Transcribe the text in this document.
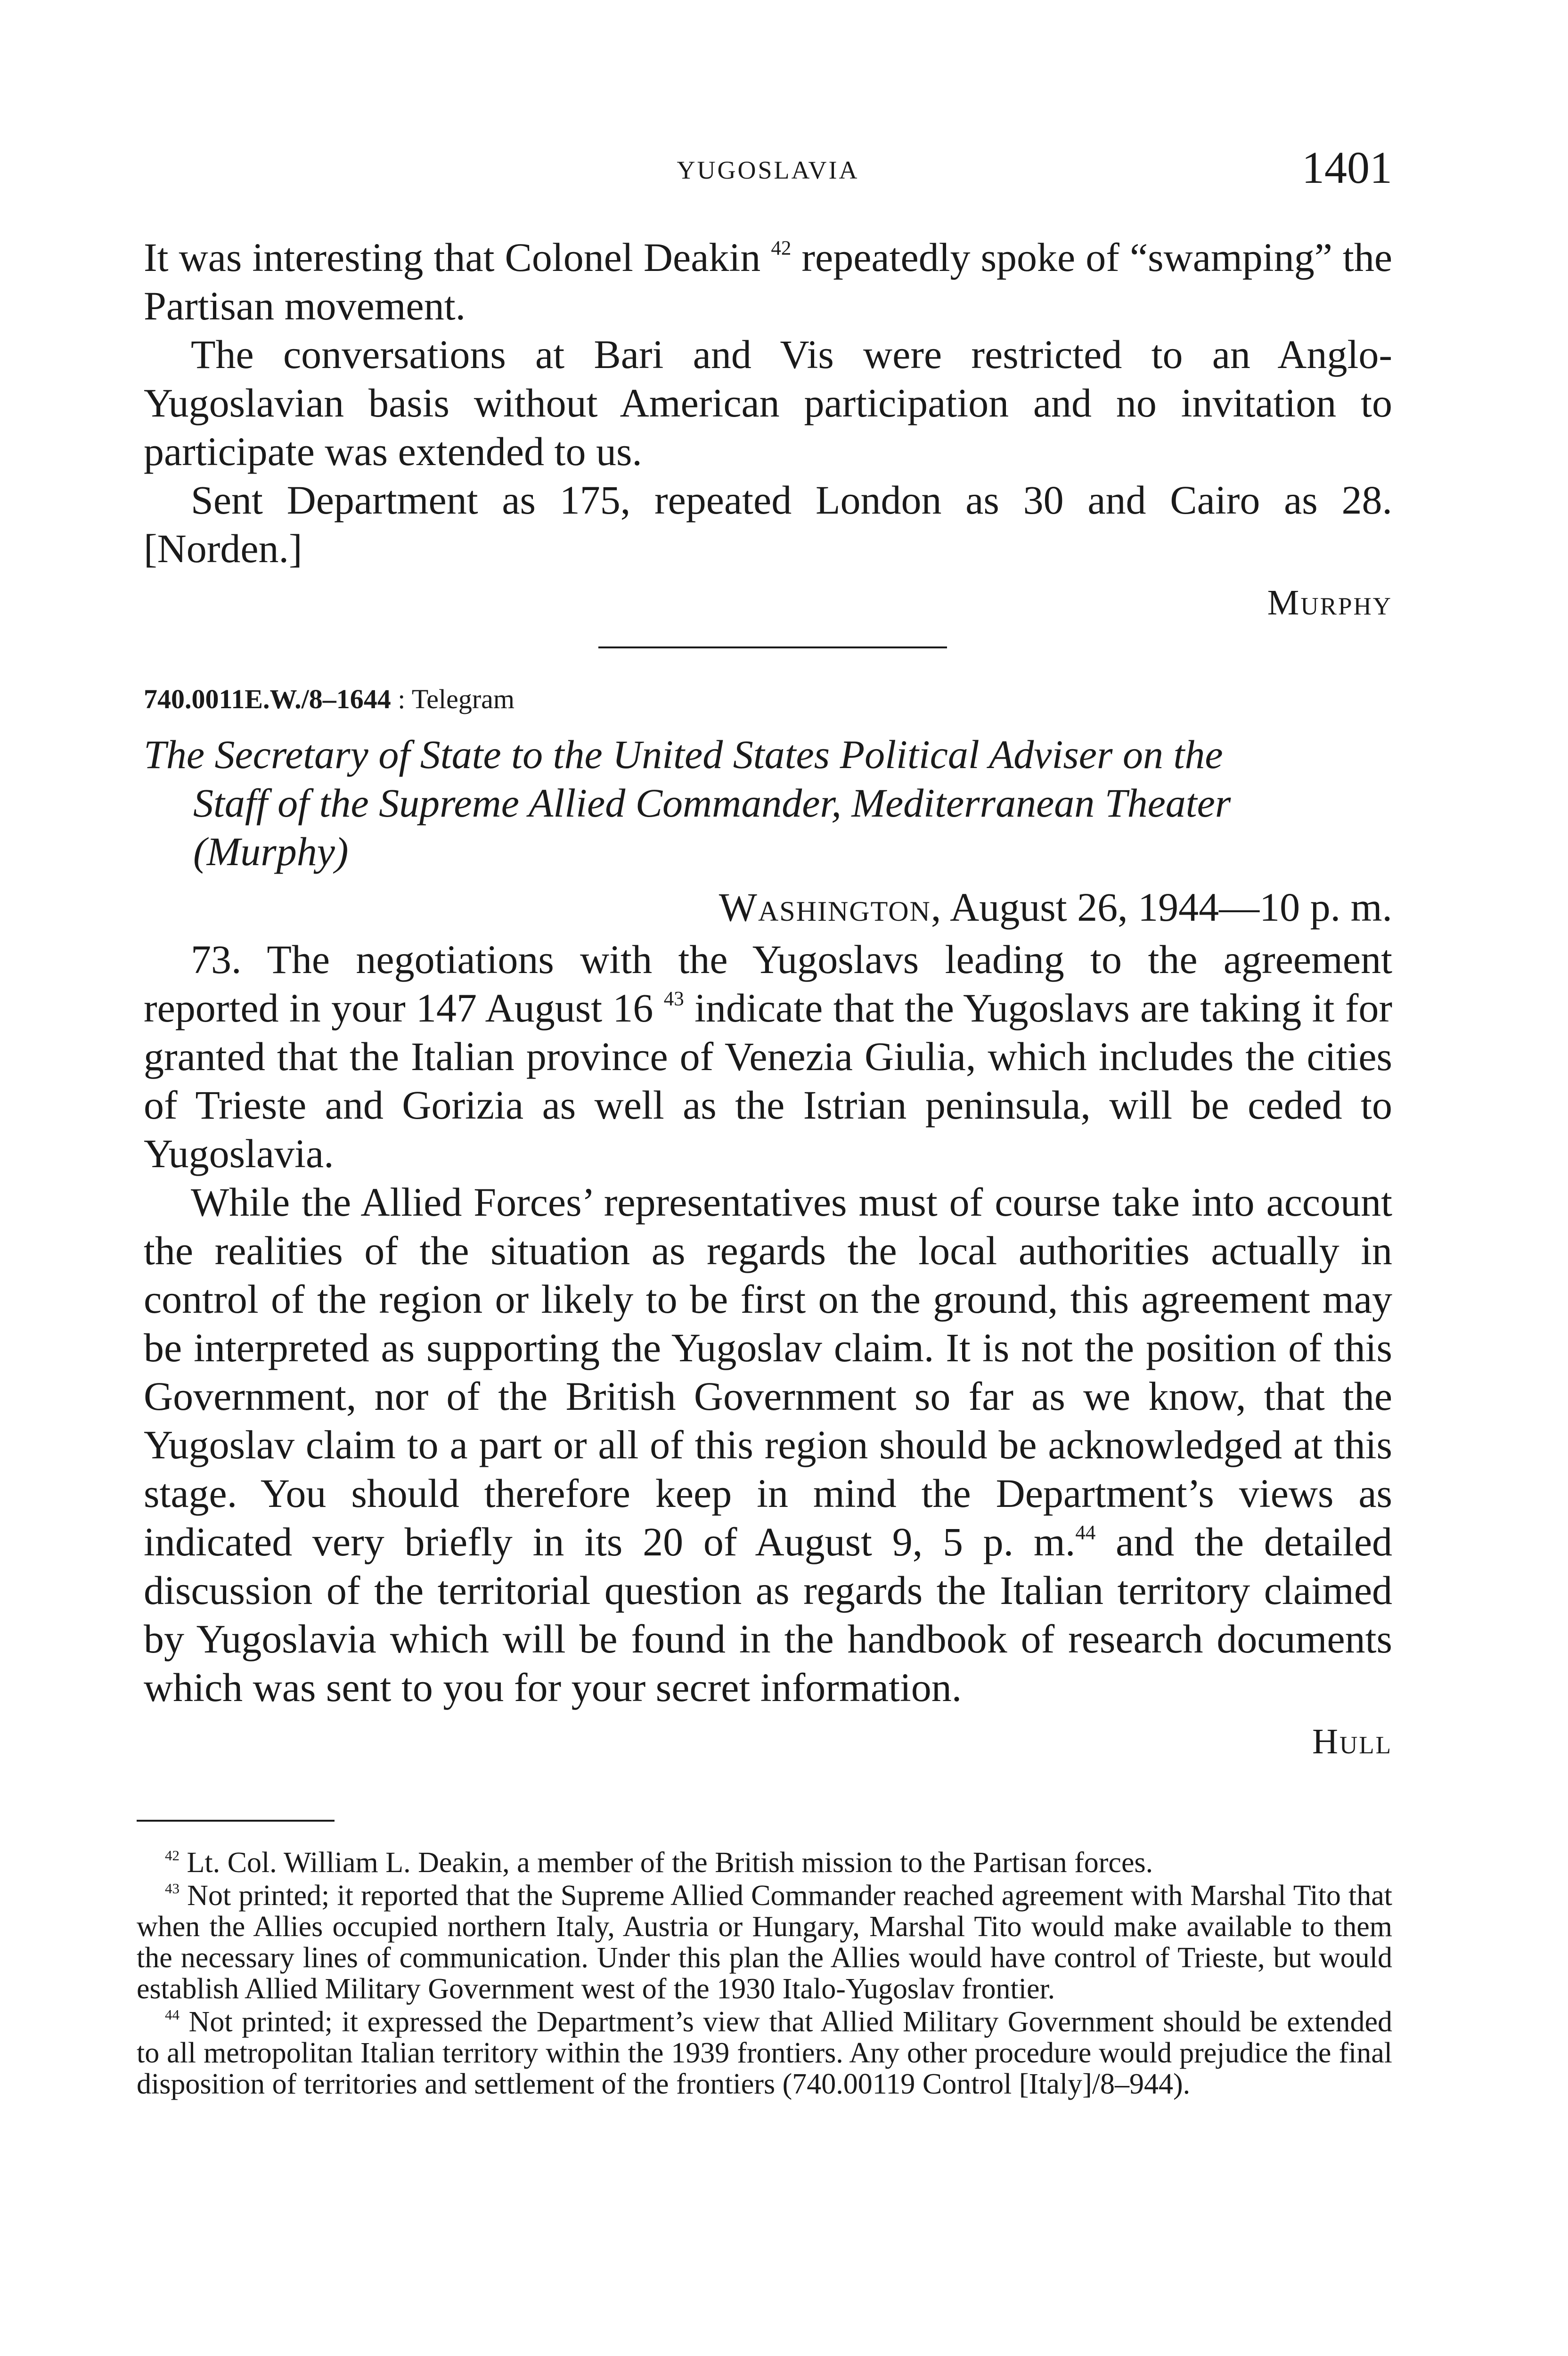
YUGOSLAVIA	1401

It was interesting that Colonel Deakin $^{42}$ repeatedly spoke of “swamping” the Partisan movement.

The conversations at Bari and Vis were restricted to an Anglo-Yugoslavian basis without American participation and no invitation to participate was extended to us.

Sent Department as 175, repeated London as 30 and Cairo as 28. [Norden.]

Murphy

740.0011E.W./8–1644 : Telegram

The Secretary of State to the United States Political Adviser on the
Staff of the Supreme Allied Commander, Mediterranean Theater
(Murphy)

Washington, August 26, 1944—10 p. m.

73. The negotiations with the Yugoslavs leading to the agreement reported in your 147 August 16 $^{43}$ indicate that the Yugoslavs are taking it for granted that the Italian province of Venezia Giulia, which includes the cities of Trieste and Gorizia as well as the Istrian peninsula, will be ceded to Yugoslavia.

While the Allied Forces’ representatives must of course take into account the realities of the situation as regards the local authorities actually in control of the region or likely to be first on the ground, this agreement may be interpreted as supporting the Yugoslav claim. It is not the position of this Government, nor of the British Government so far as we know, that the Yugoslav claim to a part or all of this region should be acknowledged at this stage. You should therefore keep in mind the Department’s views as indicated very briefly in its 20 of August 9, 5 p. m.$^{44}$ and the detailed discussion of the territorial question as regards the Italian territory claimed by Yugoslavia which will be found in the handbook of research documents which was sent to you for your secret information.

Hull

$^{42}$ Lt. Col. William L. Deakin, a member of the British mission to the Partisan forces.

$^{43}$ Not printed; it reported that the Supreme Allied Commander reached agreement with Marshal Tito that when the Allies occupied northern Italy, Austria or Hungary, Marshal Tito would make available to them the necessary lines of communication. Under this plan the Allies would have control of Trieste, but would establish Allied Military Government west of the 1930 Italo-Yugoslav frontier.

$^{44}$ Not printed; it expressed the Department’s view that Allied Military Government should be extended to all metropolitan Italian territory within the 1939 frontiers. Any other procedure would prejudice the final disposition of territories and settlement of the frontiers (740.00119 Control [Italy]/8–944).
